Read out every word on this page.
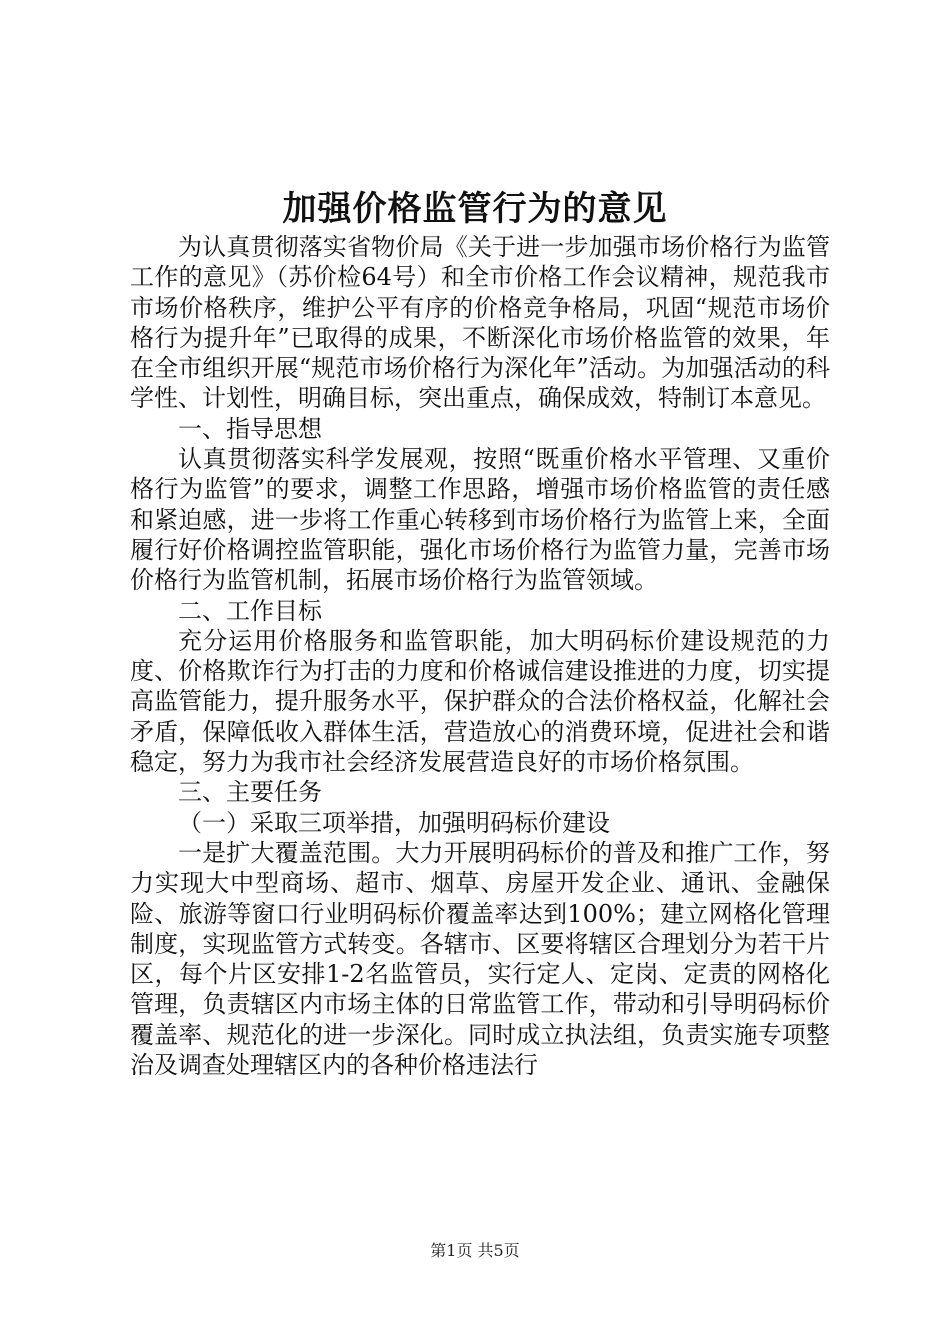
加强价格监管行为的意见

为认真贯彻落实省物价局《关于进一步加强市场价格行为监管工作的意见》（苏价检64号）和全市价格工作会议精神，规范我市市场价格秩序，维护公平有序的价格竞争格局，巩固“规范市场价格行为提升年”已取得的成果，不断深化市场价格监管的效果，年在全市组织开展“规范市场价格行为深化年”活动。为加强活动的科学性、计划性，明确目标，突出重点，确保成效，特制订本意见。

一、指导思想

认真贯彻落实科学发展观，按照“既重价格水平管理、又重价格行为监管”的要求，调整工作思路，增强市场价格监管的责任感和紧迫感，进一步将工作重心转移到市场价格行为监管上来，全面履行好价格调控监管职能，强化市场价格行为监管力量，完善市场价格行为监管机制，拓展市场价格行为监管领域。

二、工作目标

充分运用价格服务和监管职能，加大明码标价建设规范的力度、价格欺诈行为打击的力度和价格诚信建设推进的力度，切实提高监管能力，提升服务水平，保护群众的合法价格权益，化解社会矛盾，保障低收入群体生活，营造放心的消费环境，促进社会和谐稳定，努力为我市社会经济发展营造良好的市场价格氛围。

三、主要任务

（一）采取三项举措，加强明码标价建设

一是扩大覆盖范围。大力开展明码标价的普及和推广工作，努力实现大中型商场、超市、烟草、房屋开发企业、通讯、金融保险、旅游等窗口行业明码标价覆盖率达到100%；建立网格化管理制度，实现监管方式转变。各辖市、区要将辖区合理划分为若干片区，每个片区安排1-2名监管员，实行定人、定岗、定责的网格化管理，负责辖区内市场主体的日常监管工作，带动和引导明码标价覆盖率、规范化的进一步深化。同时成立执法组，负责实施专项整治及调查处理辖区内的各种价格违法行

第1页 共5页
